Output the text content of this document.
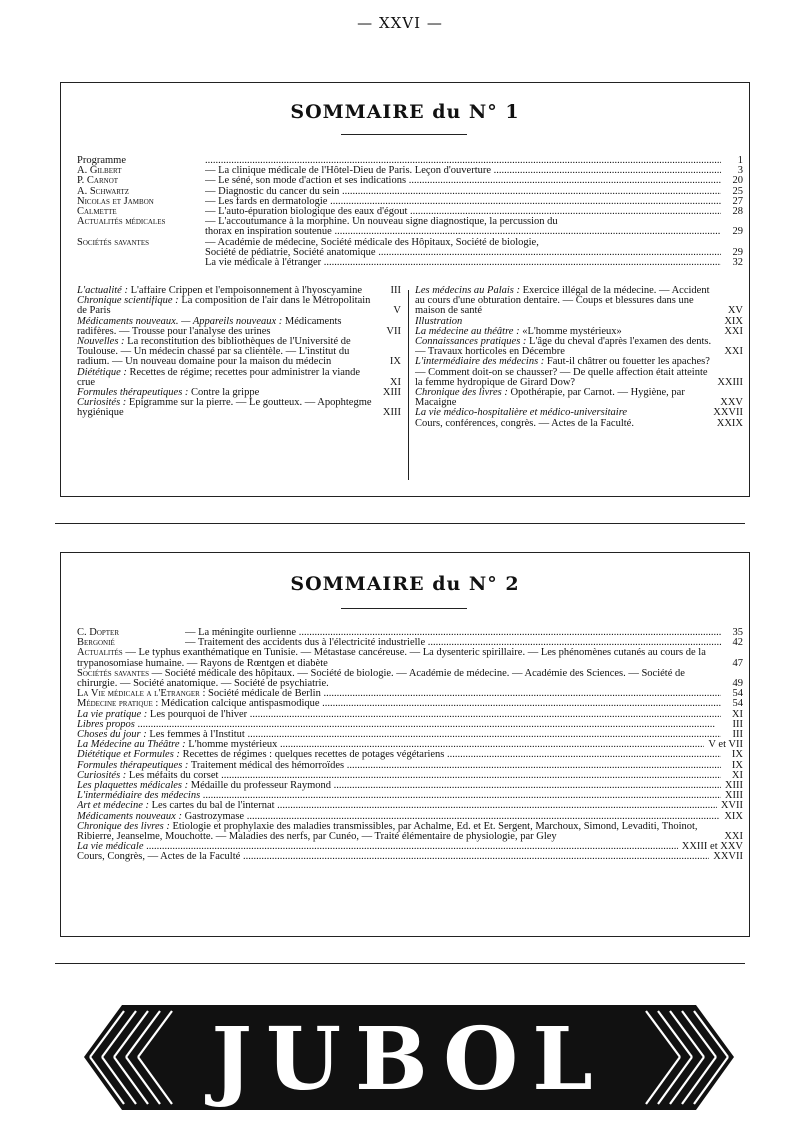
— XXVI —
SOMMAIRE du N° 1
Programme .....	1
A. Gilbert	— La clinique médicale de l'Hôtel-Dieu de Paris. Leçon d'ouverture .....	3
P. Carnot	— Le séné, son mode d'action et ses indications .....	20
A. Schwartz	— Diagnostic du cancer du sein .....	25
Nicolas et Jambon	— Les fards en dermatologie .....	27
Calmette	— L'auto-épuration biologique des eaux d'égout .....	28
Actualités médicales	— L'accoutumance à la morphine. Un nouveau signe diagnostique, la percussion du
thorax en inspiration soutenue .....	29
Sociétés savantes	— Académie de médecine, Société médicale des Hôpitaux, Société de biologie,
Société de pédiatrie, Société anatomique .....	29
La vie médicale à l'étranger .....	32
L'actualité : L'affaire Crippen et l'empoisonnement à l'hyoscyamine	III
Chronique scientifique : La composition de l'air dans le Métropolitain de Paris	V
Médicaments nouveaux. — Appareils nouveaux : Médicaments radifères. — Trousse pour l'analyse des urines	VII
Nouvelles : La reconstitution des bibliothèques de l'Université de Toulouse. — Un médecin chassé par sa clientèle. — L'institut du radium. — Un nouveau domaine pour la maison du médecin	IX
Diététique : Recettes de régime; recettes pour administrer la viande crue	XI
Formules thérapeutiques : Contre la grippe	XIII
Curiosités : Epigramme sur la pierre. — Le goutteux. — Apophtegme hygiénique	XIII
Les médecins au Palais : Exercice illégal de la médecine. — Accident au cours d'une obturation dentaire. — Coups et blessures dans une maison de santé	XV
Illustration	XIX
La médecine au théâtre : «L'homme mystérieux»	XXI
Connaissances pratiques : L'âge du cheval d'après l'examen des dents. — Travaux horticoles en Décembre	XXI
L'intermédiaire des médecins : Faut-il châtrer ou fouetter les apaches? — Comment doit-on se chausser? — De quelle affection était atteinte la femme hydropique de Girard Dow?	XXIII
Chronique des livres : Opothérapie, par Carnot. — Hygiène, par Macaigne	XXV
La vie médico-hospitalière et médico-universitaire	XXVII
Cours, conférences, congrès. — Actes de la Faculté.	XXIX
SOMMAIRE du N° 2
C. Dopter	— La méningite ourlienne .....	35
Bergonié	— Traitement des accidents dus à l'électricité industrielle .....	42
Actualités — Le typhus exanthématique en Tunisie. — Métastase cancéreuse. — La dysenteric spirillaire. — Les phénomènes cutanés au cours de la trypanosomiase humaine. — Rayons de Rœntgen et diabète	47
Sociétés savantes — Société médicale des hôpitaux. — Société de biologie. — Académie de médecine. — Académie des Sciences. — Société de chirurgie. — Société anatomique. — Société de psychiatrie.	49
La Vie médicale a l'Étranger : Société médicale de Berlin .....	54
Médecine pratique : Médication calcique antispasmodique .....	54
La vie pratique : Les pourquoi de l'hiver .....	XI
Libres propos .....	III
Choses du jour : Les femmes à l'Institut .....	III
La Médecine au Théâtre : L'homme mystérieux .....	V et VII
Diététique et Formules : Recettes de régimes : quelques recettes de potages végétariens .....	IX
Formules thérapeutiques : Traitement médical des hémorroïdes .....	IX
Curiosités : Les méfaits du corset .....	XI
Les plaquettes médicales : Médaille du professeur Raymond .....	XIII
L'intermédiaire des médecins .....	XIII
Art et médecine : Les cartes du bal de l'internat .....	XVII
Médicaments nouveaux : Gastrozymase .....	XIX
Chronique des livres : Etiologie et prophylaxie des maladies transmissibles, par Achalme, Ed. et Et. Sergent, Marchoux, Simond, Levaditi, Thoinot, Ribierre, Jeanselme, Mouchotte. — Maladies des nerfs, par Cunéo, — Traité élémentaire de physiologie, par Gley	XXI
La vie médicale .....	XXIII et XXV
Cours, Congrès, — Actes de la Faculté .....	XXVII
JUBOL
